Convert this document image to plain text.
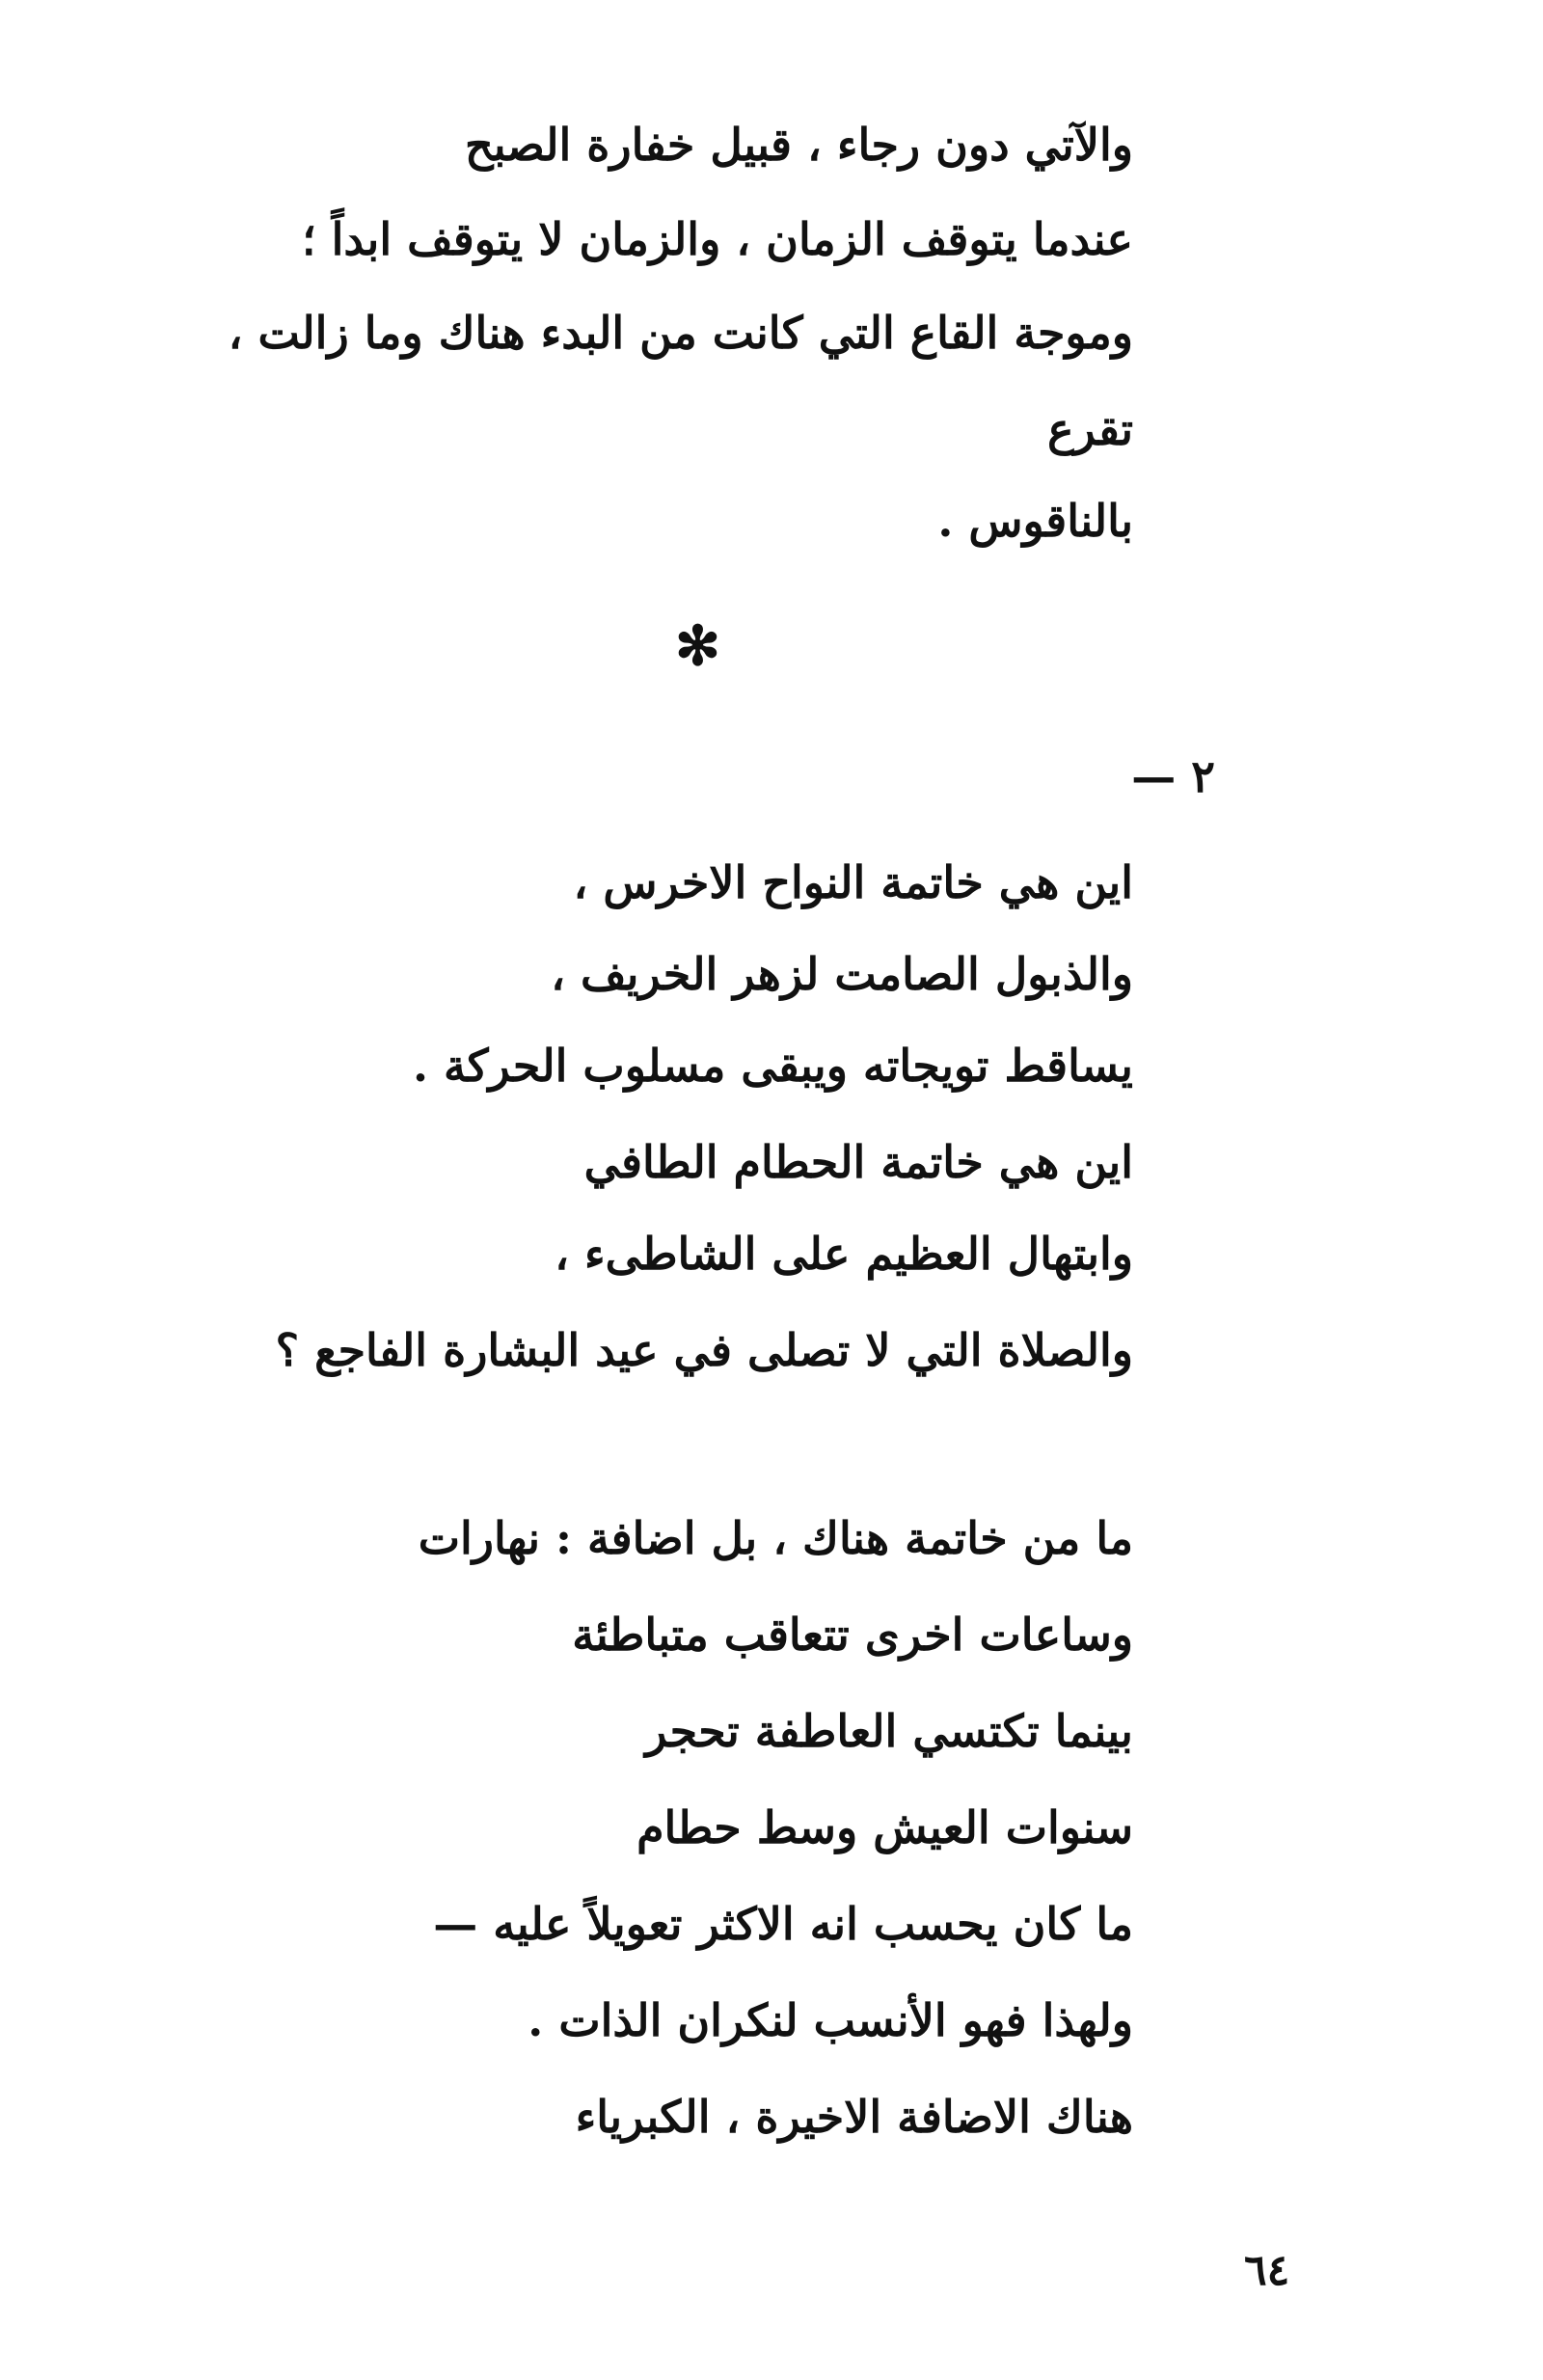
والآتي دون رجاء ، قبيل خفارة الصبح
عندما يتوقف الزمان ، والزمان لا يتوقف ابداً ؛
وموجة القاع التي كانت من البدء هناك وما زالت ،
تقرع
بالناقوس .
✻
٢ —
اين هي خاتمة النواح الاخرس ،
والذبول الصامت لزهر الخريف ،
يساقط تويجاته ويبقى مسلوب الحركة .
اين هي خاتمة الحطام الطافي
وابتهال العظيم على الشاطىء ،
والصلاة التي لا تصلى في عيد البشارة الفاجع ؟
ما من خاتمة هناك ، بل اضافة : نهارات
وساعات اخرى تتعاقب متباطئة
بينما تكتسي العاطفة تحجر
سنوات العيش وسط حطام
ما كان يحسب انه الاكثر تعويلاً عليه —
ولهذا فهو الأنسب لنكران الذات .
هناك الاضافة الاخيرة ، الكبرياء
٦٤
